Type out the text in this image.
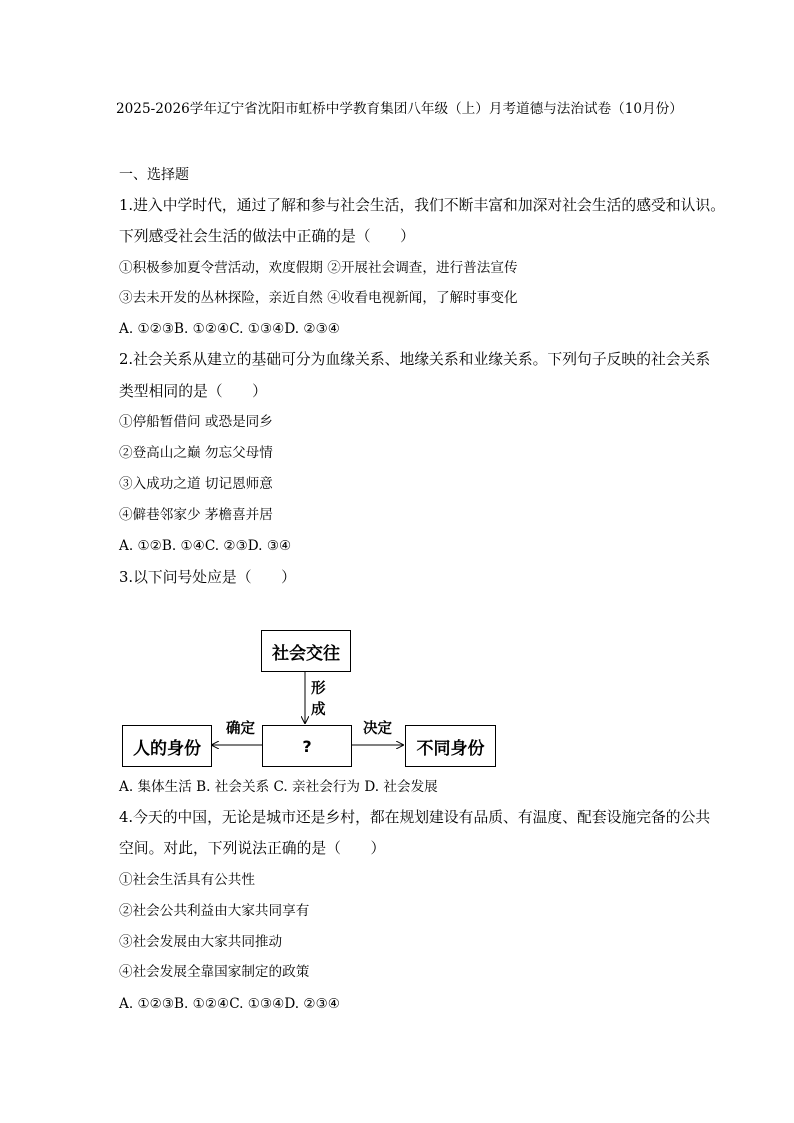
2025-2026学年辽宁省沈阳市虹桥中学教育集团八年级（上）月考道德与法治试卷（10月份）
一、选择题
1.进入中学时代，通过了解和参与社会生活，我们不断丰富和加深对社会生活的感受和认识。
下列感受社会生活的做法中正确的是（　　）
①积极参加夏令营活动，欢度假期 ②开展社会调查，进行普法宣传
③去未开发的丛林探险，亲近自然 ④收看电视新闻，了解时事变化
A. ①②③B. ①②④C. ①③④D. ②③④
2.社会关系从建立的基础可分为血缘关系、地缘关系和业缘关系。下列句子反映的社会关系
类型相同的是（　　）
①停船暂借问 或恐是同乡
②登高山之巅 勿忘父母情
③入成功之道 切记恩师意
④僻巷邻家少 茅檐喜并居
A. ①②B. ①④C. ②③D. ③④
3.以下问号处应是（　　）
社会交往
?
人的身份	不同身份
形
成
确定	决定
A. 集体生活 B. 社会关系 C. 亲社会行为 D. 社会发展
4.今天的中国，无论是城市还是乡村，都在规划建设有品质、有温度、配套设施完备的公共
空间。对此，下列说法正确的是（　　）
①社会生活具有公共性
②社会公共利益由大家共同享有
③社会发展由大家共同推动
④社会发展全靠国家制定的政策
A. ①②③B. ①②④C. ①③④D. ②③④
